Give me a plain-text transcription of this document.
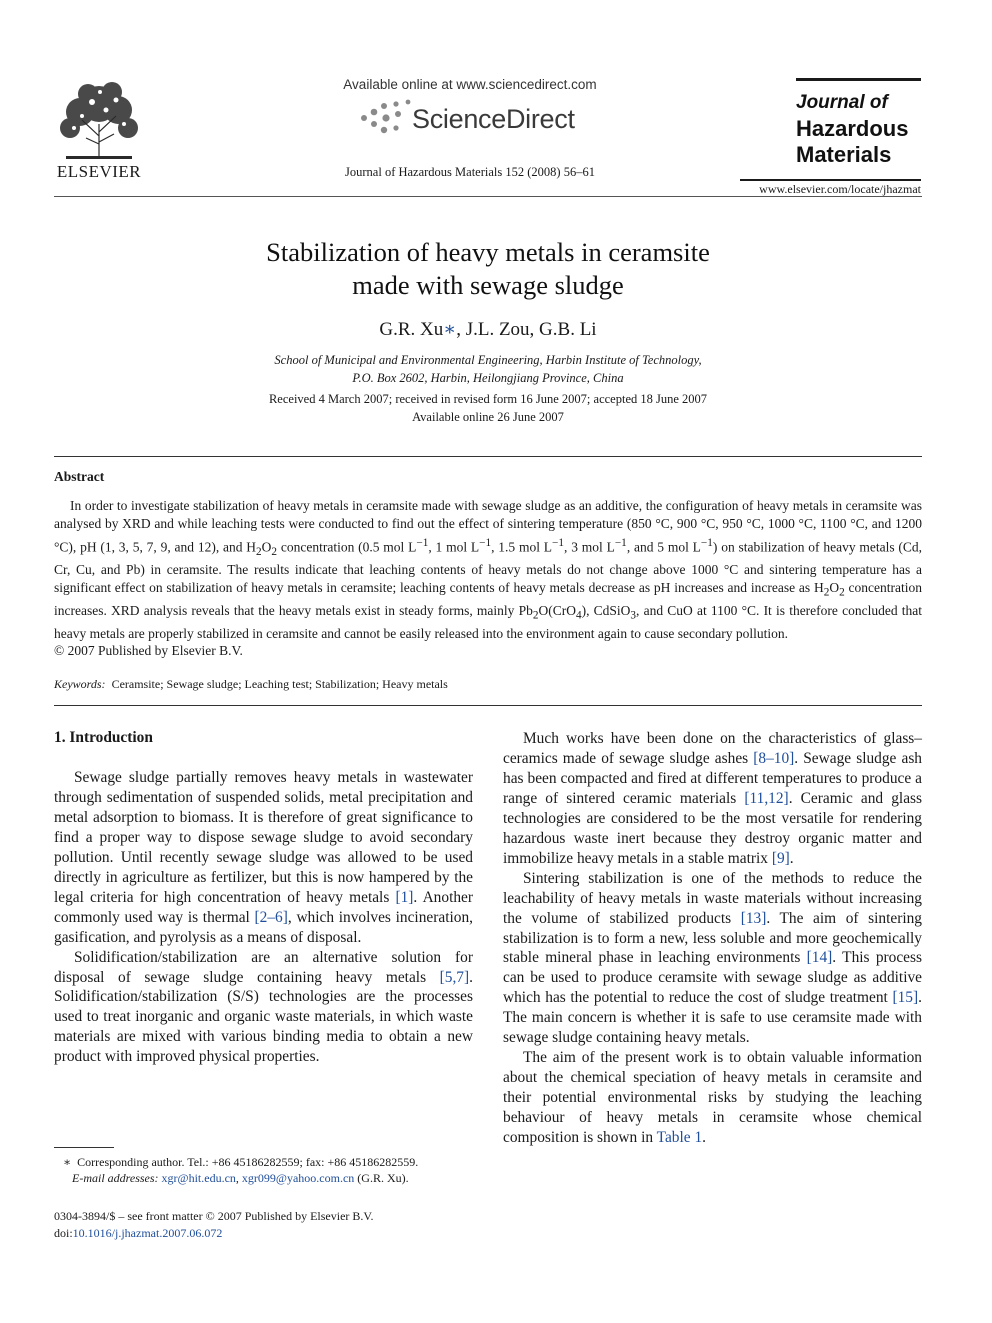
ELSEVIER
Available online at www.sciencedirect.com
ScienceDirect
Journal of Hazardous Materials 152 (2008) 56–61
Journal of
Hazardous
Materials
www.elsevier.com/locate/jhazmat
Stabilization of heavy metals in ceramsite
made with sewage sludge
G.R. Xu∗, J.L. Zou, G.B. Li
School of Municipal and Environmental Engineering, Harbin Institute of Technology,
P.O. Box 2602, Harbin, Heilongjiang Province, China
Received 4 March 2007; received in revised form 16 June 2007; accepted 18 June 2007
Available online 26 June 2007
Abstract
In order to investigate stabilization of heavy metals in ceramsite made with sewage sludge as an additive, the configuration of heavy metals in ceramsite was analysed by XRD and while leaching tests were conducted to find out the effect of sintering temperature (850 °C, 900 °C, 950 °C, 1000 °C, 1100 °C, and 1200 °C), pH (1, 3, 5, 7, 9, and 12), and $H_2O_2$ concentration (0.5 mol $L^{-1}$, 1 mol $L^{-1}$, 1.5 mol $L^{-1}$, 3 mol $L^{-1}$, and 5 mol $L^{-1}$) on stabilization of heavy metals (Cd, Cr, Cu, and Pb) in ceramsite. The results indicate that leaching contents of heavy metals do not change above 1000 °C and sintering temperature has a significant effect on stabilization of heavy metals in ceramsite; leaching contents of heavy metals decrease as pH increases and increase as $H_2O_2$ concentration increases. XRD analysis reveals that the heavy metals exist in steady forms, mainly $Pb_2O(CrO_4)$, CdSiO$_3$, and CuO at 1100 °C. It is therefore concluded that heavy metals are properly stabilized in ceramsite and cannot be easily released into the environment again to cause secondary pollution.
© 2007 Published by Elsevier B.V.
Keywords: Ceramsite; Sewage sludge; Leaching test; Stabilization; Heavy metals
1. Introduction

Sewage sludge partially removes heavy metals in wastewater through sedimentation of suspended solids, metal precipitation and metal adsorption to biomass. It is therefore of great significance to find a proper way to dispose sewage sludge to avoid secondary pollution. Until recently sewage sludge was allowed to be used directly in agriculture as fertilizer, but this is now hampered by the legal criteria for high concentration of heavy metals [1]. Another commonly used way is thermal [2–6], which involves incineration, gasification, and pyrolysis as a means of disposal.

Solidification/stabilization are an alternative solution for disposal of sewage sludge containing heavy metals [5,7]. Solidification/stabilization (S/S) technologies are the processes used to treat inorganic and organic waste materials, in which waste materials are mixed with various binding media to obtain a new product with improved physical properties.

Much works have been done on the characteristics of glass–ceramics made of sewage sludge ashes [8–10]. Sewage sludge ash has been compacted and fired at different temperatures to produce a range of sintered ceramic materials [11,12]. Ceramic and glass technologies are considered to be the most versatile for rendering hazardous waste inert because they destroy organic matter and immobilize heavy metals in a stable matrix [9].

Sintering stabilization is one of the methods to reduce the leachability of heavy metals in waste materials without increasing the volume of stabilized products [13]. The aim of sintering stabilization is to form a new, less soluble and more geochemically stable mineral phase in leaching environments [14]. This process can be used to produce ceramsite with sewage sludge as additive which has the potential to reduce the cost of sludge treatment [15]. The main concern is whether it is safe to use ceramsite made with sewage sludge containing heavy metals.

The aim of the present work is to obtain valuable information about the chemical speciation of heavy metals in ceramsite and their potential environmental risks by studying the leaching behaviour of heavy metals in ceramsite whose chemical composition is shown in Table 1.

∗ Corresponding author. Tel.: +86 45186282559; fax: +86 45186282559.
E-mail addresses: xgr@hit.edu.cn, xgr099@yahoo.com.cn (G.R. Xu).
0304-3894/$ – see front matter © 2007 Published by Elsevier B.V.
doi:10.1016/j.jhazmat.2007.06.072
